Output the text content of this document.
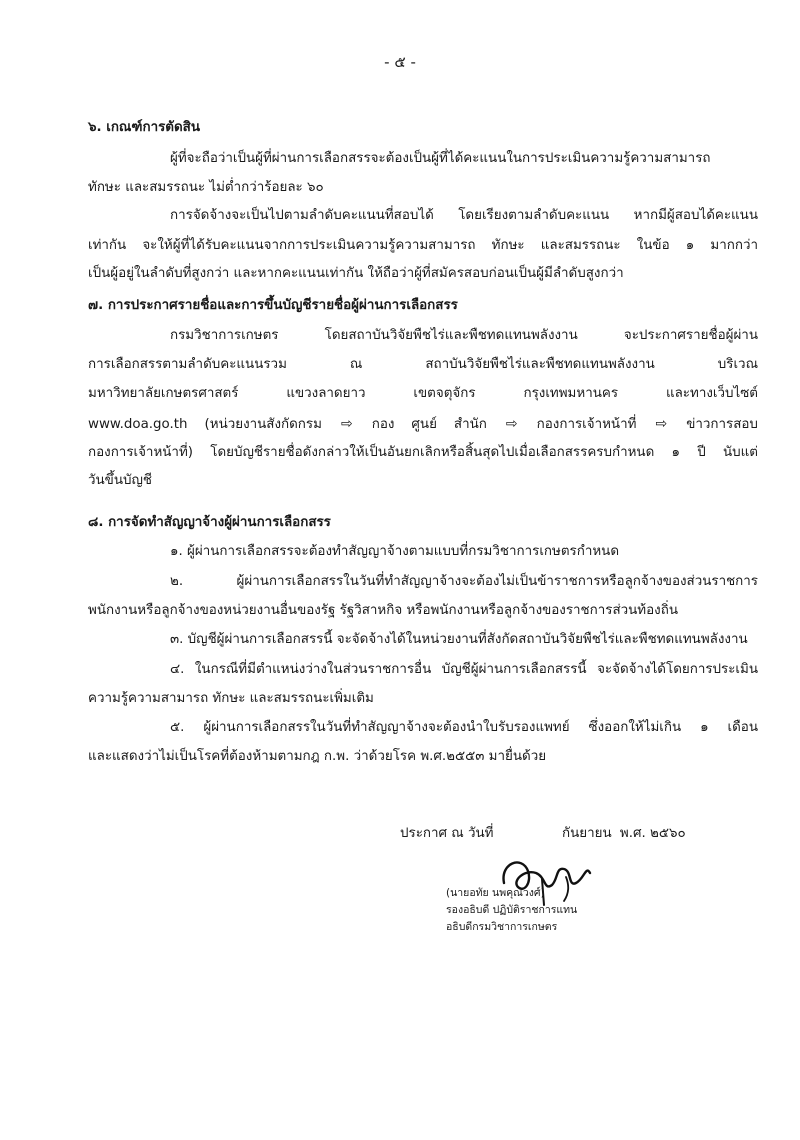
- ๕ -
๖. เกณฑ์การตัดสิน
ผู้ที่จะถือว่าเป็นผู้ที่ผ่านการเลือกสรรจะต้องเป็นผู้ที่ได้คะแนนในการประเมินความรู้ความสามารถ
ทักษะ และสมรรถนะ ไม่ต่ำกว่าร้อยละ ๖๐
การจัดจ้างจะเป็นไปตามลำดับคะแนนที่สอบได้ โดยเรียงตามลำดับคะแนน หากมีผู้สอบได้คะแนน
เท่ากัน จะให้ผู้ที่ได้รับคะแนนจากการประเมินความรู้ความสามารถ ทักษะ และสมรรถนะ ในข้อ ๑ มากกว่า
เป็นผู้อยู่ในลำดับที่สูงกว่า และหากคะแนนเท่ากัน ให้ถือว่าผู้ที่สมัครสอบก่อนเป็นผู้มีลำดับสูงกว่า
๗. การประกาศรายชื่อและการขึ้นบัญชีรายชื่อผู้ผ่านการเลือกสรร
กรมวิชาการเกษตร โดยสถาบันวิจัยพืชไร่และพืชทดแทนพลังงาน จะประกาศรายชื่อผู้ผ่าน
การเลือกสรรตามลำดับคะแนนรวม ณ สถาบันวิจัยพืชไร่และพืชทดแทนพลังงาน บริเวณ
มหาวิทยาลัยเกษตรศาสตร์ แขวงลาดยาว เขตจตุจักร กรุงเทพมหานคร และทางเว็บไซต์
www.doa.go.th (หน่วยงานสังกัดกรม ⇨ กอง ศูนย์ สำนัก ⇨ กองการเจ้าหน้าที่ ⇨ ข่าวการสอบ
กองการเจ้าหน้าที่) โดยบัญชีรายชื่อดังกล่าวให้เป็นอันยกเลิกหรือสิ้นสุดไปเมื่อเลือกสรรครบกำหนด ๑ ปี นับแต่
วันขึ้นบัญชี
๘. การจัดทำสัญญาจ้างผู้ผ่านการเลือกสรร
๑. ผู้ผ่านการเลือกสรรจะต้องทำสัญญาจ้างตามแบบที่กรมวิชาการเกษตรกำหนด
๒. ผู้ผ่านการเลือกสรรในวันที่ทำสัญญาจ้างจะต้องไม่เป็นข้าราชการหรือลูกจ้างของส่วนราชการ
พนักงานหรือลูกจ้างของหน่วยงานอื่นของรัฐ รัฐวิสาหกิจ หรือพนักงานหรือลูกจ้างของราชการส่วนท้องถิ่น
๓. บัญชีผู้ผ่านการเลือกสรรนี้ จะจัดจ้างได้ในหน่วยงานที่สังกัดสถาบันวิจัยพืชไร่และพืชทดแทนพลังงาน
๔. ในกรณีที่มีตำแหน่งว่างในส่วนราชการอื่น บัญชีผู้ผ่านการเลือกสรรนี้ จะจัดจ้างได้โดยการประเมิน
ความรู้ความสามารถ ทักษะ และสมรรถนะเพิ่มเติม
๕. ผู้ผ่านการเลือกสรรในวันที่ทำสัญญาจ้างจะต้องนำใบรับรองแพทย์ ซึ่งออกให้ไม่เกิน ๑ เดือน
และแสดงว่าไม่เป็นโรคที่ต้องห้ามตามกฎ ก.พ. ว่าด้วยโรค พ.ศ.๒๕๕๓ มายื่นด้วย
ประกาศ ณ วันที่	กันยายน พ.ศ. ๒๕๖๐
(นายอทัย นพคุณวงศ์)
รองอธิบดี ปฏิบัติราชการแทน
อธิบดีกรมวิชาการเกษตร
